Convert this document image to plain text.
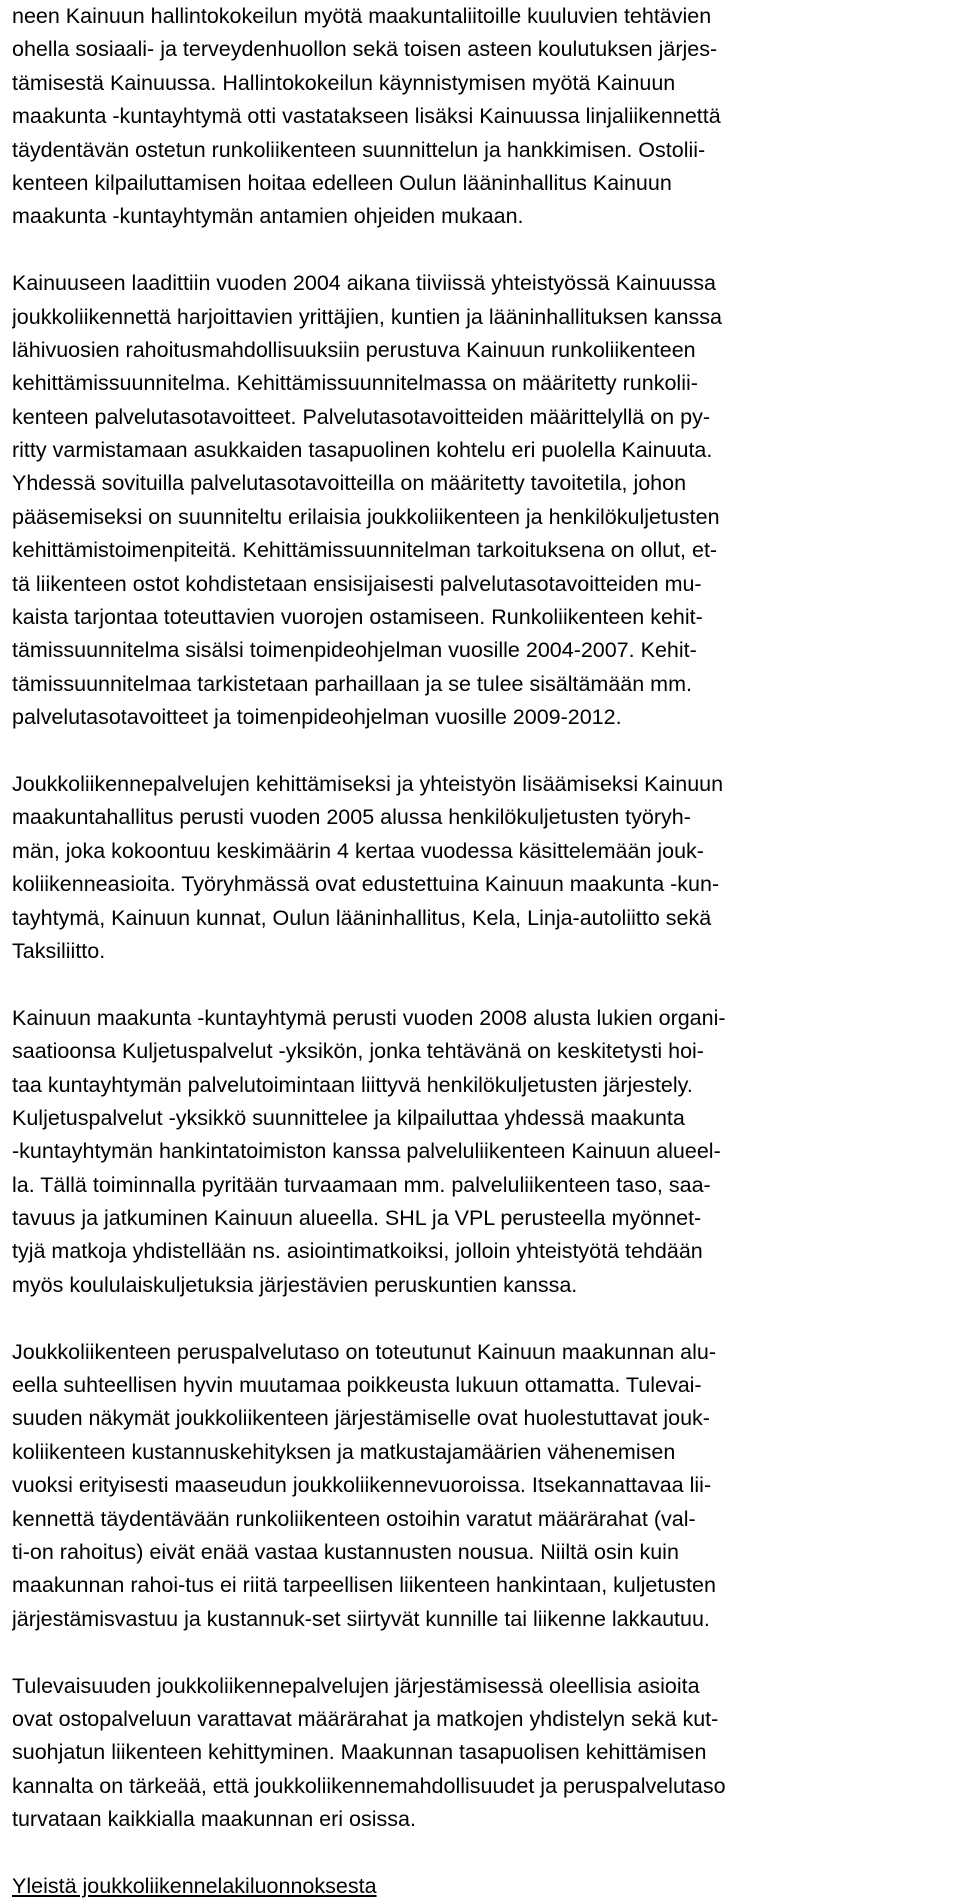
neen Kainuun hallintokokeilun myötä maakuntaliitoille kuuluvien tehtävien
ohella sosiaali- ja terveydenhuollon sekä toisen asteen koulutuksen järjes-
tämisestä Kainuussa. Hallintokokeilun käynnistymisen myötä Kainuun
maakunta -kuntayhtymä otti vastatakseen lisäksi Kainuussa linjaliikennettä
täydentävän ostetun runkoliikenteen suunnittelun ja hankkimisen. Ostolii-
kenteen kilpailuttamisen hoitaa edelleen Oulun lääninhallitus Kainuun
maakunta -kuntayhtymän antamien ohjeiden mukaan.
Kainuuseen laadittiin vuoden 2004 aikana tiiviissä yhteistyössä Kainuussa
joukkoliikennettä harjoittavien yrittäjien, kuntien ja lääninhallituksen kanssa
lähivuosien rahoitusmahdollisuuksiin perustuva Kainuun runkoliikenteen
kehittämissuunnitelma. Kehittämissuunnitelmassa on määritetty runkolii-
kenteen palvelutasotavoitteet. Palvelutasotavoitteiden määrittelyllä on py-
ritty varmistamaan asukkaiden tasapuolinen kohtelu eri puolella Kainuuta.
Yhdessä sovituilla palvelutasotavoitteilla on määritetty tavoitetila, johon
pääsemiseksi on suunniteltu erilaisia joukkoliikenteen ja henkilökuljetusten
kehittämistoimenpiteitä. Kehittämissuunnitelman tarkoituksena on ollut, et-
tä liikenteen ostot kohdistetaan ensisijaisesti palvelutasotavoitteiden mu-
kaista tarjontaa toteuttavien vuorojen ostamiseen. Runkoliikenteen kehit-
tämissuunnitelma sisälsi toimenpideohjelman vuosille 2004-2007. Kehit-
tämissuunnitelmaa tarkistetaan parhaillaan ja se tulee sisältämään mm.
palvelutasotavoitteet ja toimenpideohjelman vuosille 2009-2012.
Joukkoliikennepalvelujen kehittämiseksi ja yhteistyön lisäämiseksi Kainuun
maakuntahallitus perusti vuoden 2005 alussa henkilökuljetusten työryh-
män, joka kokoontuu keskimäärin 4 kertaa vuodessa käsittelemään jouk-
koliikenneasioita. Työryhmässä ovat edustettuina Kainuun maakunta -kun-
tayhtymä, Kainuun kunnat, Oulun lääninhallitus, Kela, Linja-autoliitto sekä
Taksiliitto.
Kainuun maakunta -kuntayhtymä perusti vuoden 2008 alusta lukien organi-
saatioonsa Kuljetuspalvelut -yksikön, jonka tehtävänä on keskitetysti hoi-
taa kuntayhtymän palvelutoimintaan liittyvä henkilökuljetusten järjestely.
Kuljetuspalvelut -yksikkö suunnittelee ja kilpailuttaa yhdessä maakunta
-kuntayhtymän hankintatoimiston kanssa palveluliikenteen Kainuun alueel-
la. Tällä toiminnalla pyritään turvaamaan mm. palveluliikenteen taso, saa-
tavuus ja jatkuminen Kainuun alueella. SHL ja VPL perusteella myönnet-
tyjä matkoja yhdistellään ns. asiointimatkoiksi, jolloin yhteistyötä tehdään
myös koululaiskuljetuksia järjestävien peruskuntien kanssa.
Joukkoliikenteen peruspalvelutaso on toteutunut Kainuun maakunnan alu-
eella suhteellisen hyvin muutamaa poikkeusta lukuun ottamatta. Tulevai-
suuden näkymät joukkoliikenteen järjestämiselle ovat huolestuttavat jouk-
koliikenteen kustannuskehityksen ja matkustajamäärien vähenemisen
vuoksi erityisesti maaseudun joukkoliikennevuoroissa. Itsekannattavaa lii-
kennettä täydentävään runkoliikenteen ostoihin varatut määrärahat (val-
ti-on rahoitus) eivät enää vastaa kustannusten nousua. Niiltä osin kuin
maakunnan rahoi-tus ei riitä tarpeellisen liikenteen hankintaan, kuljetusten
järjestämisvastuu ja kustannuk-set siirtyvät kunnille tai liikenne lakkautuu.
Tulevaisuuden joukkoliikennepalvelujen järjestämisessä oleellisia asioita
ovat ostopalveluun varattavat määrärahat ja matkojen yhdistelyn sekä kut-
suohjatun liikenteen kehittyminen. Maakunnan tasapuolisen kehittämisen
kannalta on tärkeää, että joukkoliikennemahdollisuudet ja peruspalvelutaso
turvataan kaikkialla maakunnan eri osissa.
Yleistä joukkoliikennelakiluonnoksesta
